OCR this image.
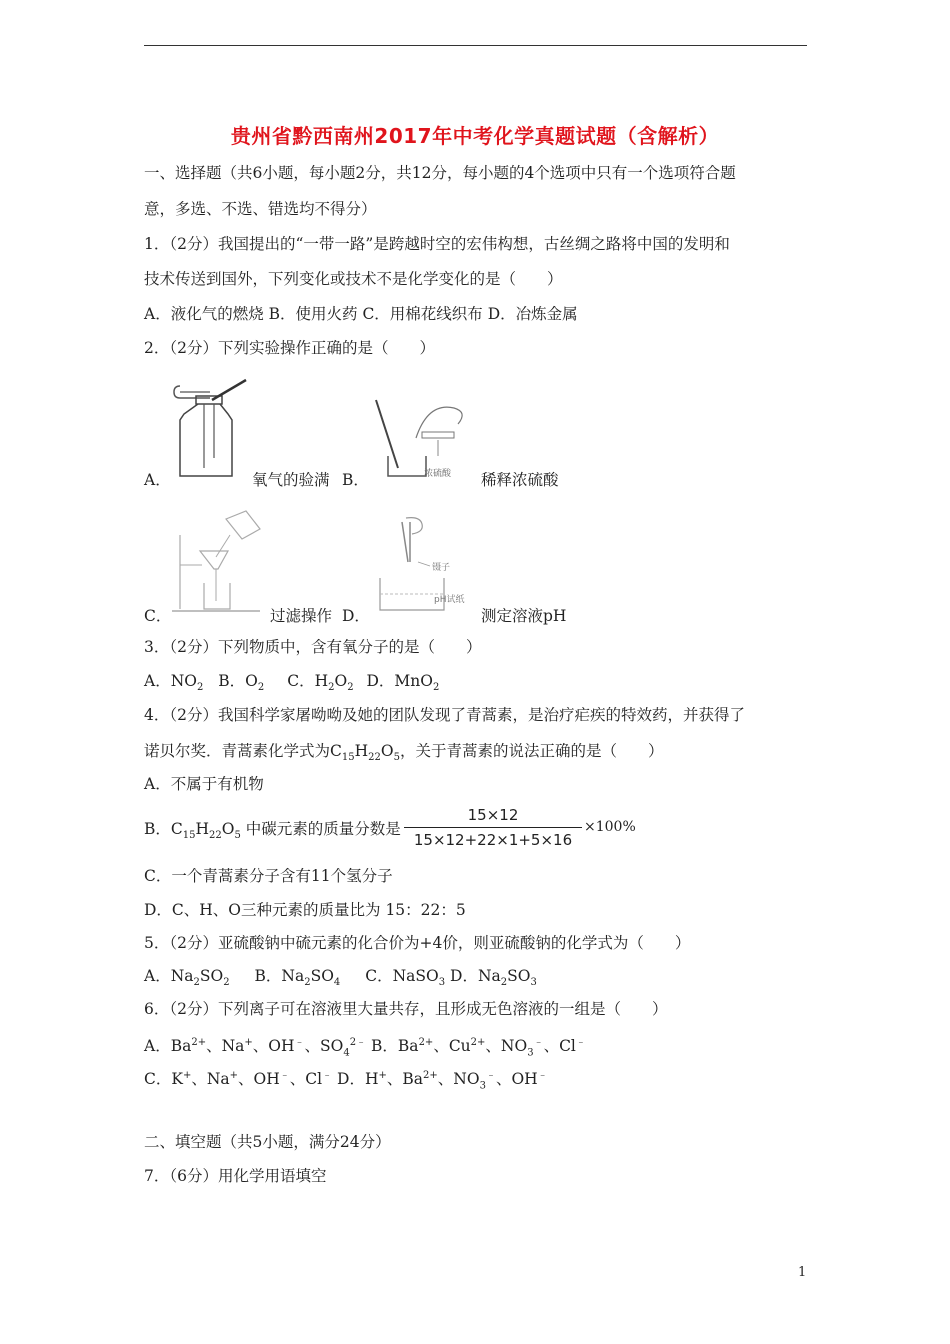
贵州省黔西南州2017年中考化学真题试题（含解析）
一、选择题（共6小题，每小题2分，共12分，每小题的4个选项中只有一个选项符合题
意，多选、不选、错选均不得分）
1．（2分）我国提出的“一带一路”是跨越时空的宏伟构想，古丝绸之路将中国的发明和
技术传送到国外，下列变化或技术不是化学变化的是（　　）
A．液化气的燃烧 B．使用火药 C．用棉花线织布 D．冶炼金属
2．（2分）下列实验操作正确的是（　　）
A．	氧气的验满	浓硫酸
B．	稀释浓硫酸
C．	过滤操作
镊子
pH试纸
D．	测定溶液pH
3．（2分）下列物质中，含有氧分子的是（　　）
A．$NO_2$ B．$O_2$ C．$H_2O_2$ D．MnO$_2$
4．（2分）我国科学家屠呦呦及她的团队发现了青蒿素，是治疗疟疾的特效药，并获得了
诺贝尔奖．青蒿素化学式为$C_{15}H_{22}O_5$，关于青蒿素的说法正确的是（　　）
A．不属于有机物
B．$C_{15}H_{22}O_5$ 中碳元素的质量分数是
15×12
15×12+22×1+5×16
×100%
C．一个青蒿素分子含有11个氢分子
D．C、H、O三种元素的质量比为 15：22：5
5．（2分）亚硫酸钠中硫元素的化合价为+4价，则亚硫酸钠的化学式为（　　）
A．$Na_2SO_2$ B．$Na_2SO_4$ C．NaSO$_3$ D．$Na_2SO_3$
6．（2分）下列离子可在溶液里大量共存，且形成无色溶液的一组是（　　）
A．$Ba^{2+}$、Na+、OH﹣、$SO_4^{2﹣}$ B．$Ba^{2+}$、$Cu^{2+}$、$NO_3^﹣$、Cl﹣
C．K+、Na+、OH﹣、Cl﹣ D．H+、$Ba^{2+}$、$NO_3^﹣$、OH﹣
二、填空题（共5小题，满分24分）
7．（6分）用化学用语填空
1
